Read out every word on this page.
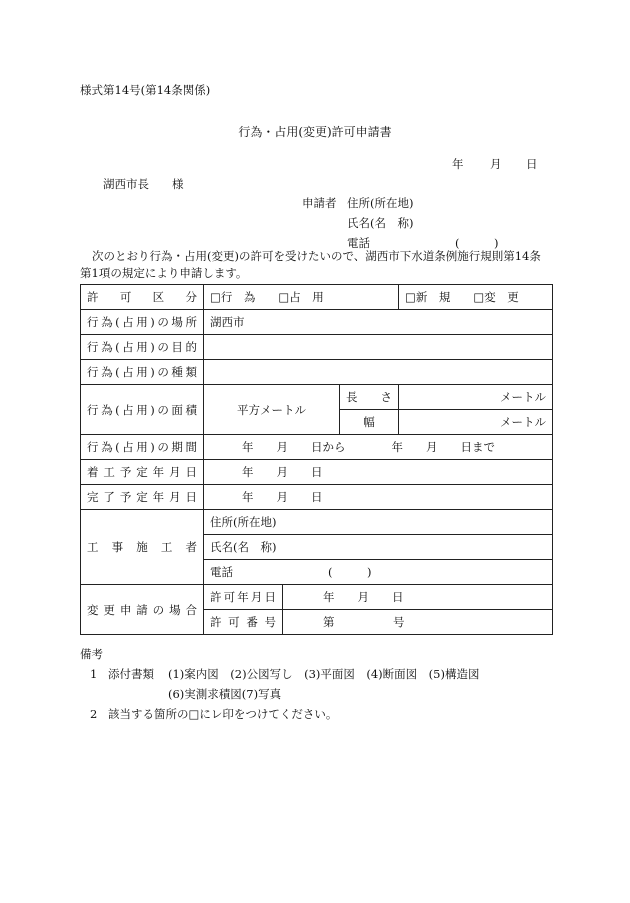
様式第14号(第14条関係)
行為・占用(変更)許可申請書
年 月 日
湖西市長　　様
申請者 住所(所在地)
氏名(名　称)
電話	(　　　)
次のとおり行為・占用(変更)の許可を受けたいので、湖西市下水道条例施行規則第14条第1項の規定により申請します。
許可区分	□行　為　　□占　用			□新　規　　□変　更
行為(占用)の場所	湖西市			
行為(占用)の目的				
行為(占用)の種類				
行為(占用)の面積	平方メートル		長　　さ	メートル
			幅	メートル
行為(占用)の期間	年　　月　　日から　　　　年　　月　　日まで			
着工予定年月日	年　　月　　日			
完了予定年月日	年　　月　　日			
工事施工者	住所(所在地)			
	氏名(名　称)			
	電話 (　　　)			
変更申請の場合	許可年月日	年　　月　　日		
	許可番号	第 号		
備考
1 添付書類 (1)案内図　(2)公図写し　(3)平面図　(4)断面図　(5)構造図
(6)実測求積図(7)写真
2 該当する箇所の□にレ印をつけてください。
